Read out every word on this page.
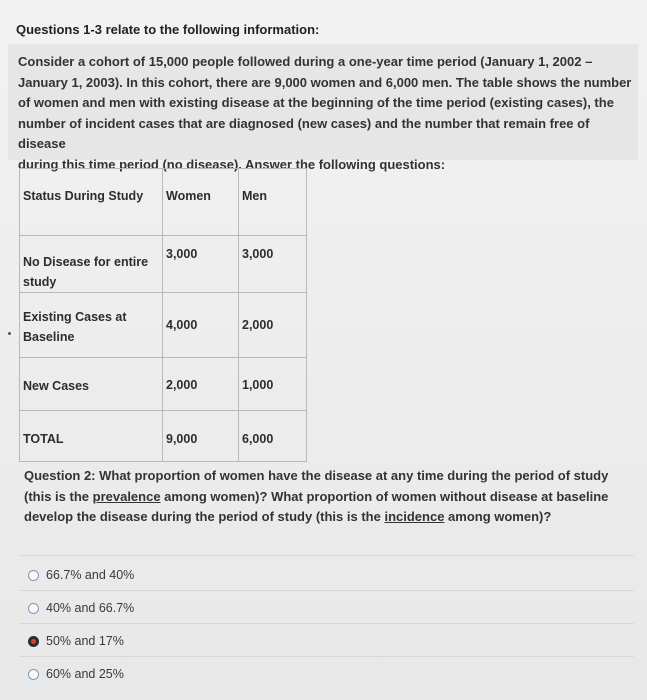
Questions 1-3 relate to the following information:
Consider a cohort of 15,000 people followed during a one-year time period (January 1, 2002 –
January 1, 2003). In this cohort, there are 9,000 women and 6,000 men. The table shows the number
of women and men with existing disease at the beginning of the time period (existing cases), the
number of incident cases that are diagnosed (new cases) and the number that remain free of disease
during this time period (no disease). Answer the following questions:
Status During Study	Women	Men

No Disease for entire
study	3,000	3,000

Existing Cases at
Baseline	4,000	2,000

New Cases	2,000	1,000

TOTAL	9,000	6,000
Question 2: What proportion of women have the disease at any time during the period of study (this is the prevalence among women)? What proportion of women without disease at baseline develop the disease during the period of study (this is the incidence among women)?
66.7% and 40%
40% and 66.7%
50% and 17%
60% and 25%
